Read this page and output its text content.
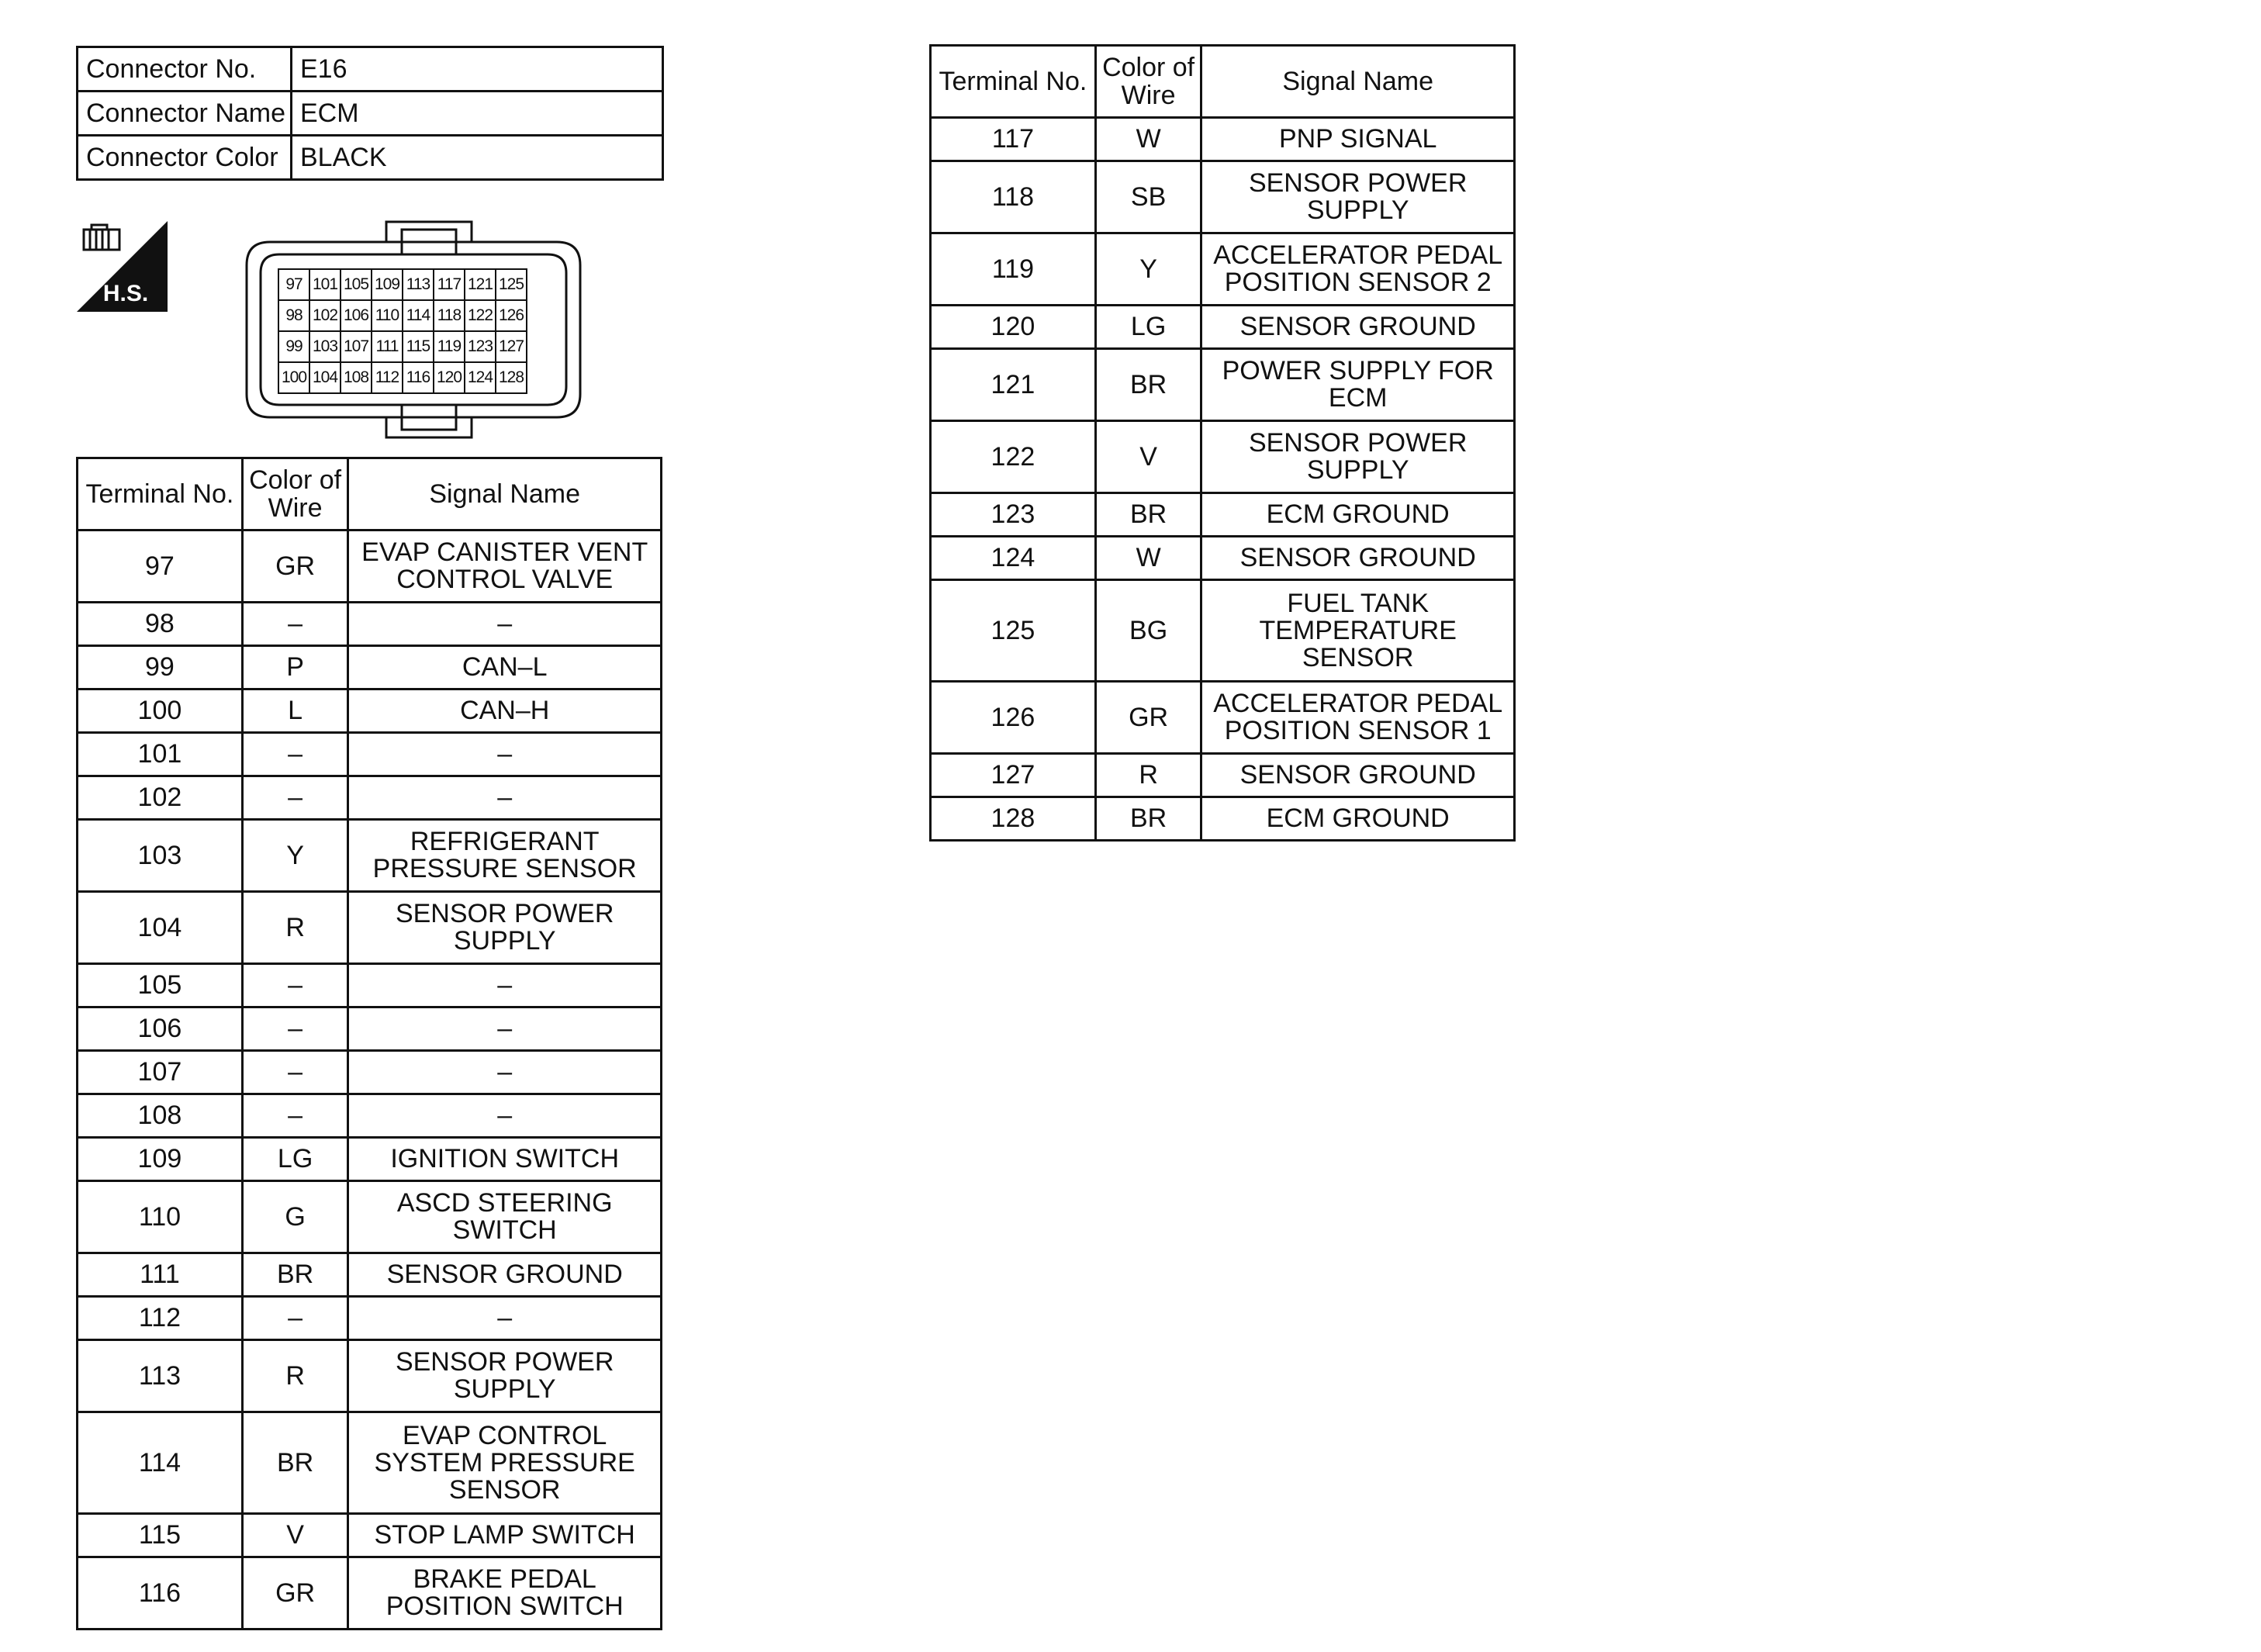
Connector No.	E16
Connector Name	ECM
Connector Color	BLACK
H.S.	97	101	105	109	113	117	121	125
98	102	106	110	114	118	122	126
99	103	107	111	115	119	123	127
100	104	108	112	116	120	124	128
Terminal No.	Color of Wire	Signal Name
97	GR	EVAP CANISTER VENT CONTROL VALVE
98	–	–
99	P	CAN–L
100	L	CAN–H
101	–	–
102	–	–
103	Y	REFRIGERANT PRESSURE SENSOR
104	R	SENSOR POWER SUPPLY
105	–	–
106	–	–
107	–	–
108	–	–
109	LG	IGNITION SWITCH
110	G	ASCD STEERING SWITCH
111	BR	SENSOR GROUND
112	–	–
113	R	SENSOR POWER SUPPLY
114	BR	EVAP CONTROL SYSTEM PRESSURE SENSOR
115	V	STOP LAMP SWITCH
116	GR	BRAKE PEDAL POSITION SWITCH
Terminal No.	Color of Wire	Signal Name
117	W	PNP SIGNAL
118	SB	SENSOR POWER SUPPLY
119	Y	ACCELERATOR PEDAL POSITION SENSOR 2
120	LG	SENSOR GROUND
121	BR	POWER SUPPLY FOR ECM
122	V	SENSOR POWER SUPPLY
123	BR	ECM GROUND
124	W	SENSOR GROUND
125	BG	FUEL TANK TEMPERATURE SENSOR
126	GR	ACCELERATOR PEDAL POSITION SENSOR 1
127	R	SENSOR GROUND
128	BR	ECM GROUND
